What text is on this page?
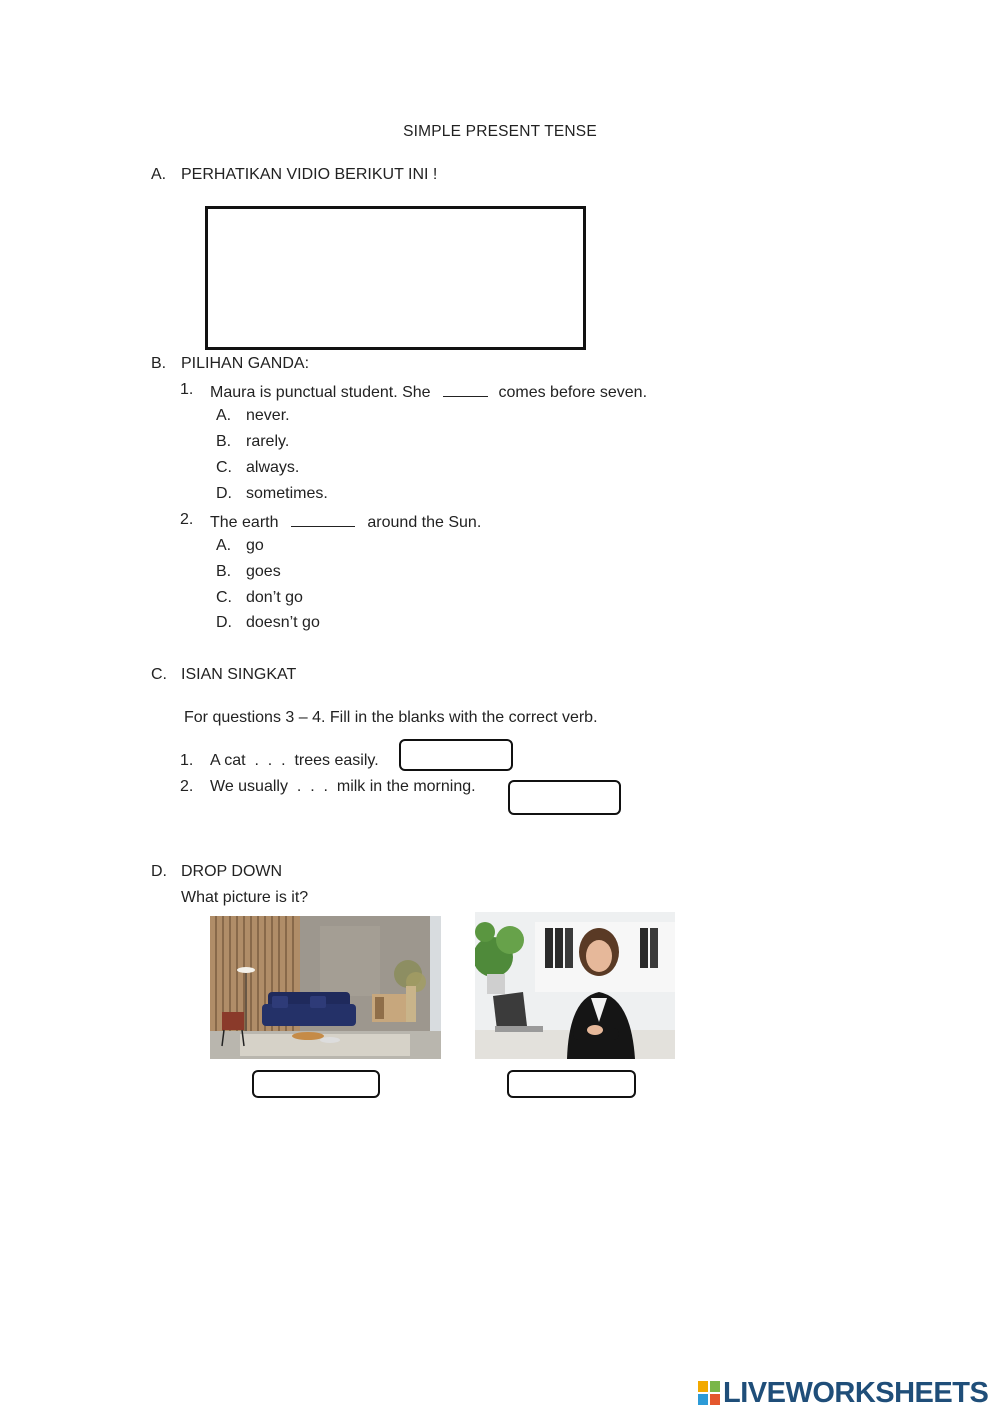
SIMPLE PRESENT TENSE
A. PERHATIKAN VIDIO BERIKUT INI !
B. PILIHAN GANDA:
1. Maura is punctual student. She	comes before seven.
A. never.
B. rarely.
C. always.
D. sometimes.
2. The earth	around the Sun.
A. go
B. goes
C. don’t go
D. doesn’t go
C. ISIAN SINGKAT
For questions 3 – 4. Fill in the blanks with the correct verb.
1. A cat  .  .  .  trees easily.
2. We usually  .  .  .  milk in the morning.
D. DROP DOWN
What picture is it?
LIVEWORKSHEETS
